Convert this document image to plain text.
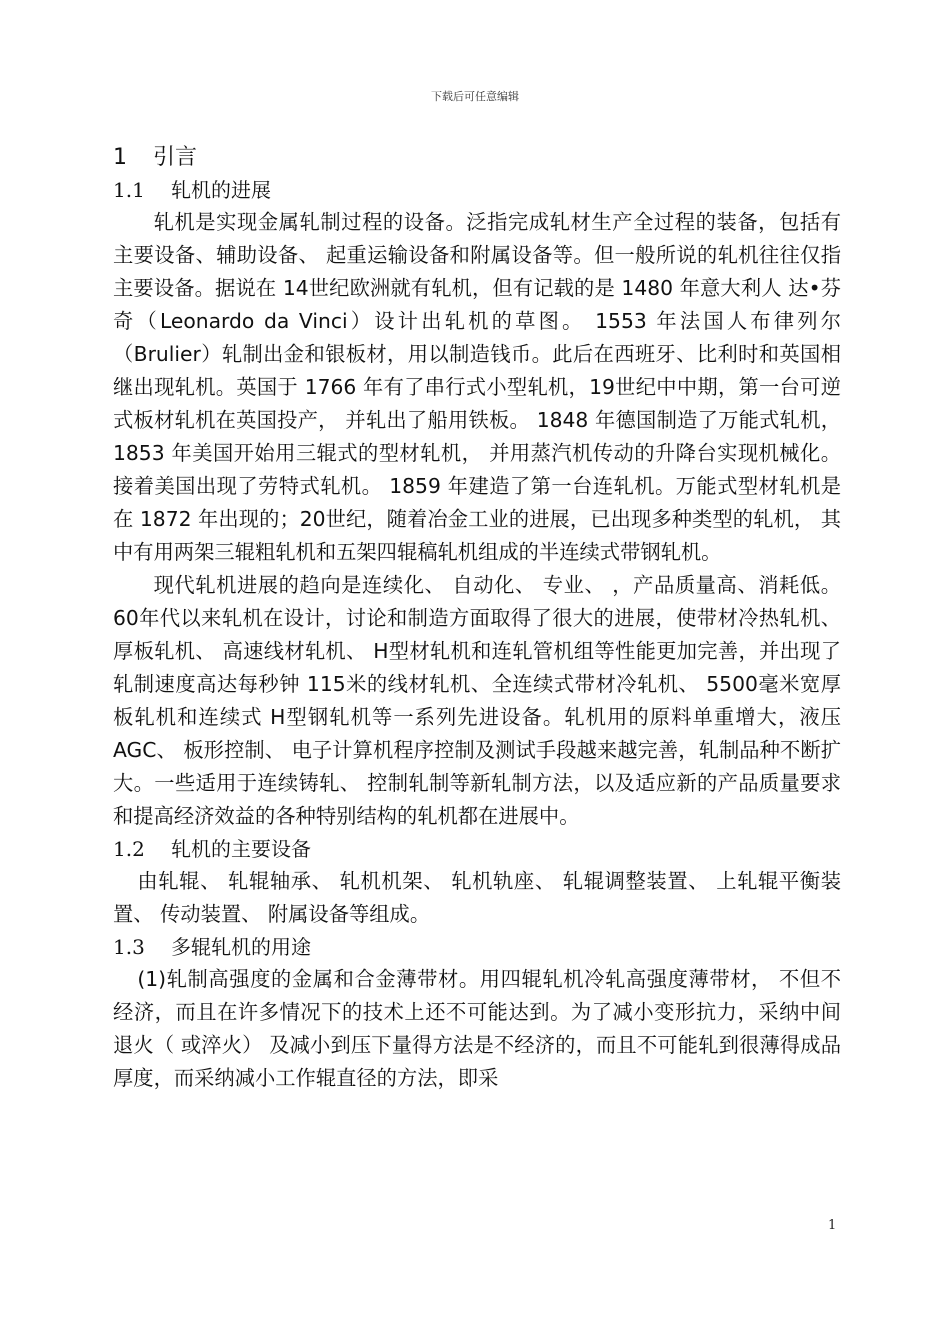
下载后可任意编辑
1 引言
1.1 轧机的进展

轧机是实现金属轧制过程的设备。泛指完成轧材生产全过程的装备，包括有主要设备、辅助设备、 起重运输设备和附属设备等。但一般所说的轧机往往仅指主要设备。据说在 14世纪欧洲就有轧机，但有记载的是 1480 年意大利人 达•芬奇（Leonardo da Vinci）设计出轧机的草图。 1553 年法国人布律列尔（Brulier）轧制出金和银板材，用以制造钱币。此后在西班牙、比利时和英国相继出现轧机。英国于 1766 年有了串行式小型轧机，19世纪中中期，第一台可逆式板材轧机在英国投产， 并轧出了船用铁板。 1848 年德国制造了万能式轧机，1853 年美国开始用三辊式的型材轧机， 并用蒸汽机传动的升降台实现机械化。接着美国出现了劳特式轧机。 1859 年建造了第一台连轧机。万能式型材轧机是在 1872 年出现的；20世纪，随着冶金工业的进展，已出现多种类型的轧机， 其中有用两架三辊粗轧机和五架四辊稿轧机组成的半连续式带钢轧机。

现代轧机进展的趋向是连续化、 自动化、 专业、 ，产品质量高、消耗低。60年代以来轧机在设计，讨论和制造方面取得了很大的进展，使带材冷热轧机、 厚板轧机、 高速线材轧机、 H型材轧机和连轧管机组等性能更加完善，并出现了轧制速度高达每秒钟 115米的线材轧机、全连续式带材冷轧机、 5500毫米宽厚板轧机和连续式 H型钢轧机等一系列先进设备。轧机用的原料单重增大，液压 AGC、 板形控制、 电子计算机程序控制及测试手段越来越完善，轧制品种不断扩大。一些适用于连续铸轧、 控制轧制等新轧制方法，以及适应新的产品质量要求和提高经济效益的各种特别结构的轧机都在进展中。

1.2 轧机的主要设备

由轧辊、 轧辊轴承、 轧机机架、 轧机轨座、 轧辊调整装置、 上轧辊平衡装置、 传动装置、 附属设备等组成。

1.3 多辊轧机的用途

(1)轧制高强度的金属和合金薄带材。用四辊轧机冷轧高强度薄带材， 不但不经济，而且在许多情况下的技术上还不可能达到。为了减小变形抗力，采纳中间退火（ 或淬火） 及减小到压下量得方法是不经济的，而且不可能轧到很薄得成品厚度，而采纳减小工作辊直径的方法，即采

1
